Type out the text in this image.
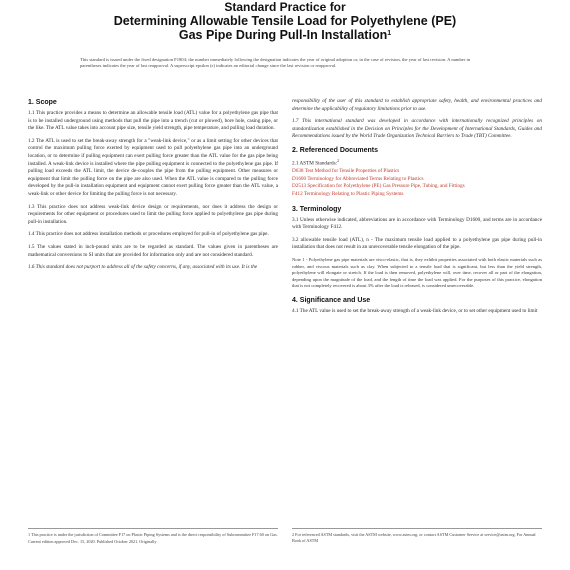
Standard Practice for
Determining Allowable Tensile Load for Polyethylene (PE)
Gas Pipe During Pull-In Installation$^1$
This standard is issued under the fixed designation F1804; the number immediately following the designation indicates the year of original adoption or, in the case of revision, the year of last revision. A number in parentheses indicates the year of last reapproval. A superscript epsilon (ε) indicates an editorial change since the last revision or reapproval.
1. Scope

1.1 This practice provides a means to determine an allowable tensile load (ATL) value for a polyethylene gas pipe that is to be installed underground using methods that pull the pipe into a trench (cut or plowed), bore hole, casing pipe, or the like. The ATL value takes into account pipe size, tensile yield strength, pipe temperature, and pulling load duration.

1.2 The ATL is used to set the break-away strength for a "weak-link device," or as a limit setting for other devices that control the maximum pulling force exerted by equipment used to pull polyethylene gas pipe into an underground location, or to determine if pulling equipment can exert pulling force greater than the ATL value for the gas pipe being installed. A weak-link device is installed where the pipe pulling equipment is connected to the polyethylene gas pipe. If pulling load exceeds the ATL limit, the device de-couples the pipe from the pulling equipment. Other measures or equipment that limit the pulling force on the pipe are also used. When the ATL value is compared to the pulling force developed by the pull-in installation equipment and equipment cannot exert pulling force greater than the ATL value, a weak-link or other device for limiting the pulling force is not necessary.

1.3 This practice does not address weak-link device design or requirements, nor does it address the design or requirements for other equipment or procedures used to limit the pulling force applied to polyethylene gas pipe during pull-in installation.

1.4 This practice does not address installation methods or procedures employed for pull-in of polyethylene gas pipe.

1.5 The values stated in inch-pound units are to be regarded as standard. The values given in parentheses are mathematical conversions to SI units that are provided for information only and are not considered standard.

1.6 This standard does not purport to address all of the safety concerns, if any, associated with its use. It is the

responsibility of the user of this standard to establish appropriate safety, health, and environmental practices and determine the applicability of regulatory limitations prior to use.

1.7 This international standard was developed in accordance with internationally recognized principles on standardization established in the Decision on Principles for the Development of International Standards, Guides and Recommendations issued by the World Trade Organization Technical Barriers to Trade (TBT) Committee.

2. Referenced Documents
2.1 ASTM Standards:$^2$
D638 Test Method for Tensile Properties of Plastics
D1600 Terminology for Abbreviated Terms Relating to Plastics
D2513 Specification for Polyethylene (PE) Gas Pressure Pipe, Tubing, and Fittings
F412 Terminology Relating to Plastic Piping Systems
3. Terminology

3.1 Unless otherwise indicated, abbreviations are in accordance with Terminology D1600, and terms are in accordance with Terminology F412.

3.2 allowable tensile load (ATL), n - The maximum tensile load applied to a polyethylene gas pipe during pull-in installation that does not result in an unrecoverable tensile elongation of the pipe.

Note 1 - Polyethylene gas pipe materials are visco-elastic, that is, they exhibit properties associated with both elastic materials such as rubber, and viscous materials such as clay. When subjected to a tensile load that is significant, but less than the yield strength, polyethylene will elongate or stretch. If the load is then removed, polyethylene will, over time, recover all or part of the elongation, depending upon the magnitude of the load, and the length of time the load was applied. For the purposes of this practice, elongation that is not completely recovered is about 3% after the load is released, is considered unrecoverable.

4. Significance and Use

4.1 The ATL value is used to set the break-away strength of a weak-link device, or to set other equipment used to limit

1 This practice is under the jurisdiction of Committee F17 on Plastic Piping Systems and is the direct responsibility of Subcommittee F17.60 on Gas.
Current edition approved Dec. 15, 2020. Published October 2021. Originally
2 For referenced ASTM standards, visit the ASTM website, www.astm.org, or contact ASTM Customer Service at service@astm.org. For Annual Book of ASTM
